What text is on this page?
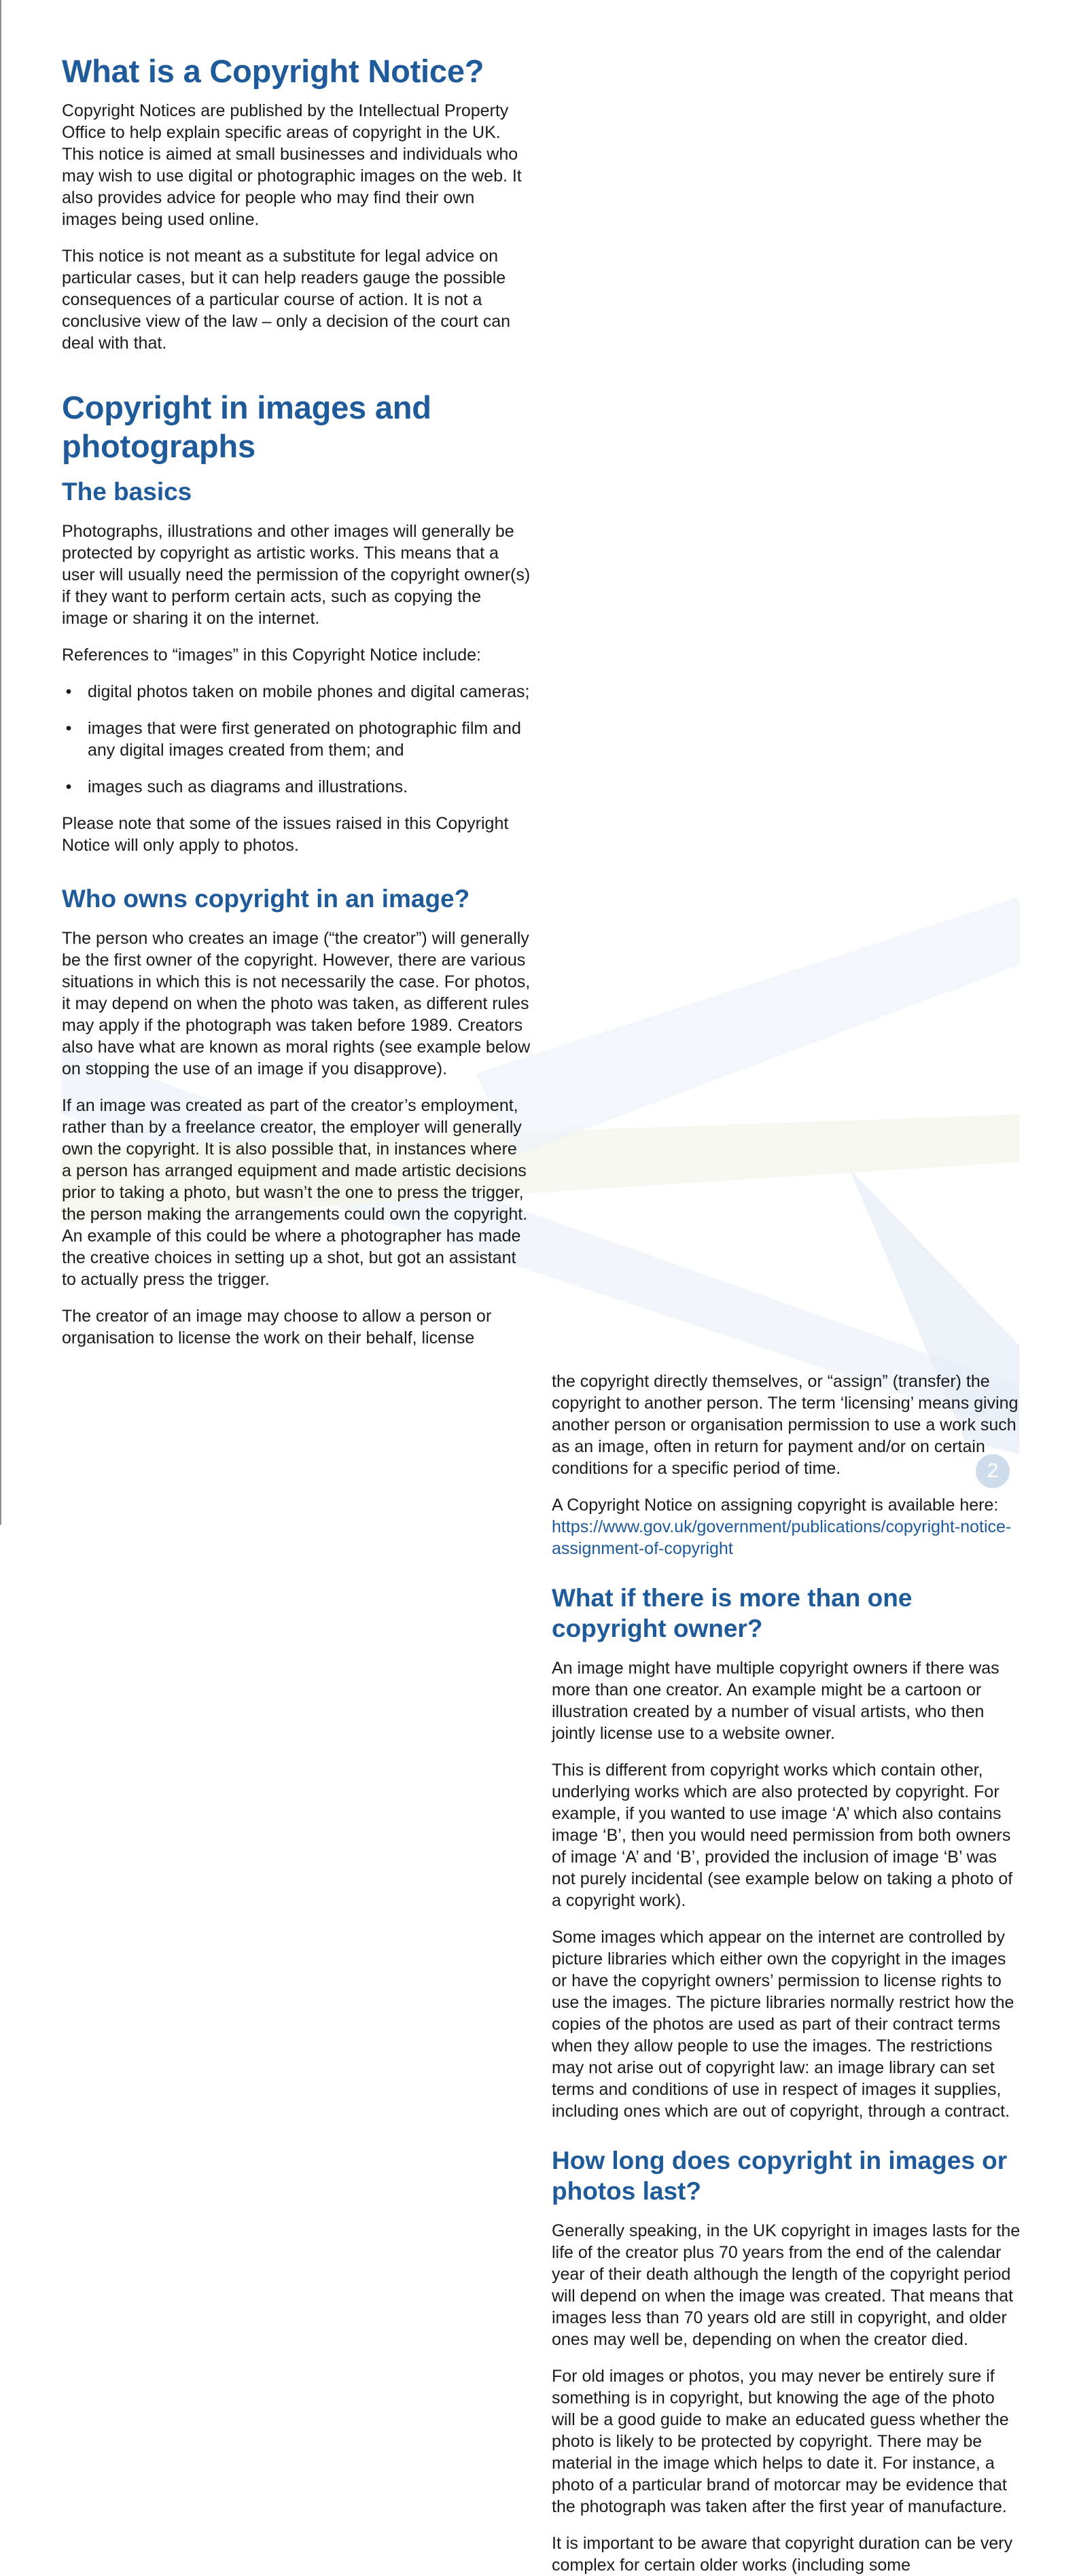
What is a Copyright Notice?

Copyright Notices are published by the Intellectual Property Office to help explain specific areas of copyright in the UK. This notice is aimed at small businesses and individuals who may wish to use digital or photographic images on the web. It also provides advice for people who may find their own images being used online.

This notice is not meant as a substitute for legal advice on particular cases, but it can help readers gauge the possible consequences of a particular course of action. It is not a conclusive view of the law – only a decision of the court can deal with that.

Copyright in images and photographs
The basics

Photographs, illustrations and other images will generally be protected by copyright as artistic works. This means that a user will usually need the permission of the copyright owner(s) if they want to perform certain acts, such as copying the image or sharing it on the internet.

References to “images” in this Copyright Notice include:

• digital photos taken on mobile phones and digital cameras;
• images that were first generated on photographic film and any digital images created from them; and
• images such as diagrams and illustrations.

Please note that some of the issues raised in this Copyright Notice will only apply to photos.

Who owns copyright in an image?

The person who creates an image (“the creator”) will generally be the first owner of the copyright. However, there are various situations in which this is not necessarily the case. For photos, it may depend on when the photo was taken, as different rules may apply if the photograph was taken before 1989. Creators also have what are known as moral rights (see example below on stopping the use of an image if you disapprove).

If an image was created as part of the creator’s employment, rather than by a freelance creator, the employer will generally own the copyright. It is also possible that, in instances where a person has arranged equipment and made artistic decisions prior to taking a photo, but wasn’t the one to press the trigger, the person making the arrangements could own the copyright. An example of this could be where a photographer has made the creative choices in setting up a shot, but got an assistant to actually press the trigger.

The creator of an image may choose to allow a person or organisation to license the work on their behalf, license

the copyright directly themselves, or “assign” (transfer) the copyright to another person. The term ‘licensing’ means giving another person or organisation permission to use a work such as an image, often in return for payment and/or on certain conditions for a specific period of time.

A Copyright Notice on assigning copyright is available here: https://www.gov.uk/government/publications/copyright-notice-assignment-of-copyright

What if there is more than one copyright owner?

An image might have multiple copyright owners if there was more than one creator. An example might be a cartoon or illustration created by a number of visual artists, who then jointly license use to a website owner.

This is different from copyright works which contain other, underlying works which are also protected by copyright. For example, if you wanted to use image ‘A’ which also contains image ‘B’, then you would need permission from both owners of image ‘A’ and ‘B’, provided the inclusion of image ‘B’ was not purely incidental (see example below on taking a photo of a copyright work).

Some images which appear on the internet are controlled by picture libraries which either own the copyright in the images or have the copyright owners’ permission to license rights to use the images. The picture libraries normally restrict how the copies of the photos are used as part of their contract terms when they allow people to use the images. The restrictions may not arise out of copyright law: an image library can set terms and conditions of use in respect of images it supplies, including ones which are out of copyright, through a contract.

How long does copyright in images or photos last?

Generally speaking, in the UK copyright in images lasts for the life of the creator plus 70 years from the end of the calendar year of their death although the length of the copyright period will depend on when the image was created. That means that images less than 70 years old are still in copyright, and older ones may well be, depending on when the creator died.

For old images or photos, you may never be entirely sure if something is in copyright, but knowing the age of the photo will be a good guide to make an educated guess whether the photo is likely to be protected by copyright. There may be material in the image which helps to date it. For instance, a photo of a particular brand of motorcar may be evidence that the photograph was taken after the first year of manufacture.

It is important to be aware that copyright duration can be very complex for certain older works (including some

2
